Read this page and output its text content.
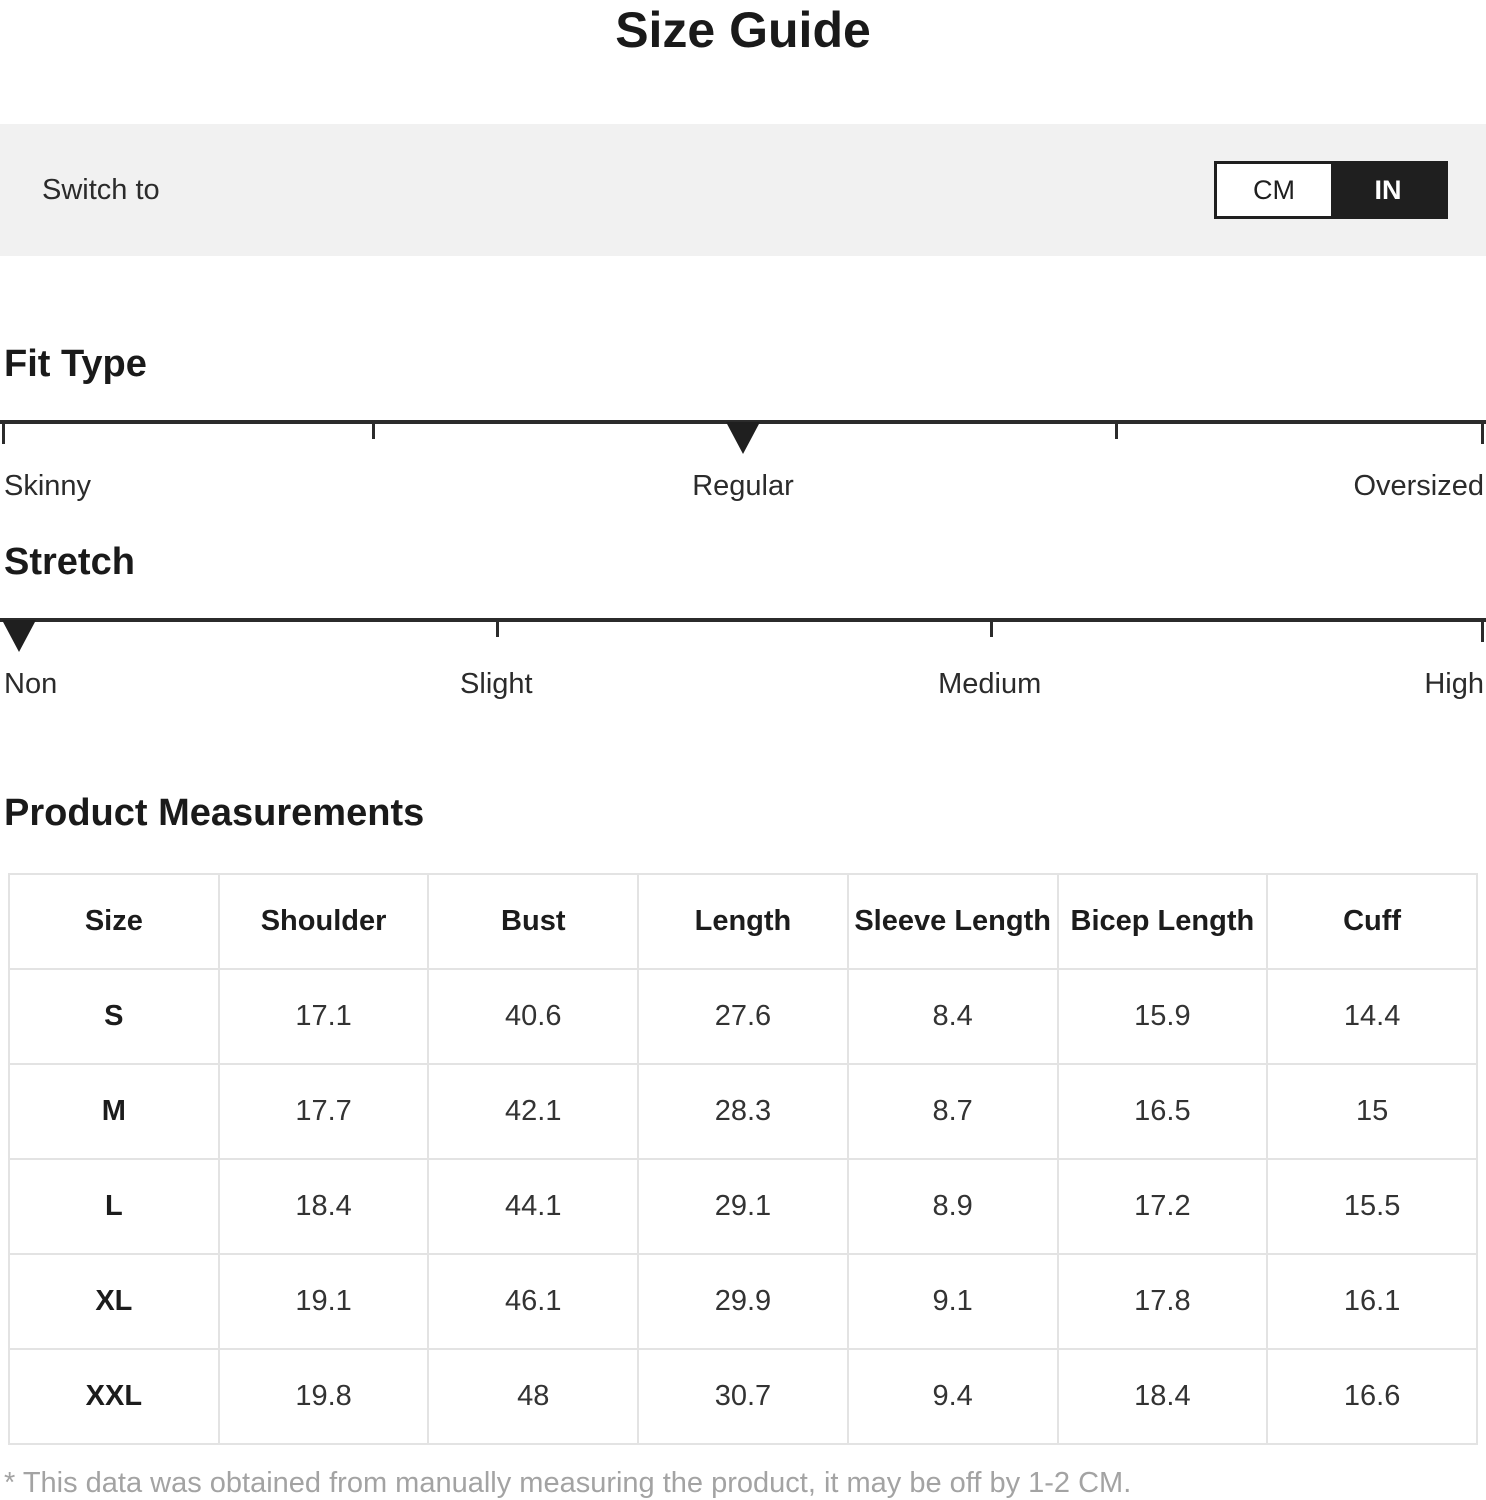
Size Guide
Switch to	CM	IN
Fit Type
Skinny	Regular	Oversized
Stretch
Non	Slight	Medium	High
Product Measurements
Size	Shoulder	Bust	Length	Sleeve Length	Bicep Length	Cuff
S	17.1	40.6	27.6	8.4	15.9	14.4
M	17.7	42.1	28.3	8.7	16.5	15
L	18.4	44.1	29.1	8.9	17.2	15.5
XL	19.1	46.1	29.9	9.1	17.8	16.1
XXL	19.8	48	30.7	9.4	18.4	16.6
* This data was obtained from manually measuring the product, it may be off by 1-2 CM.
